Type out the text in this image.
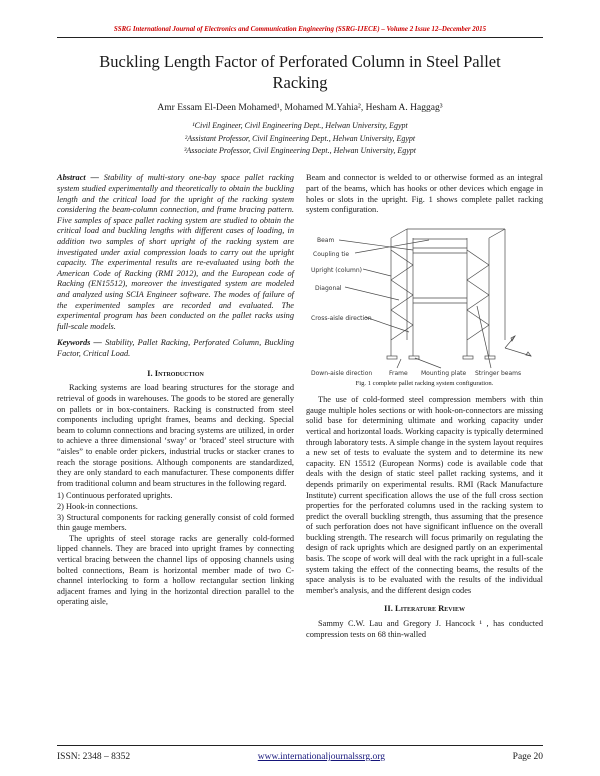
SSRG International Journal of Electronics and Communication Engineering (SSRG-IJECE) – Volume 2 Issue 12–December 2015
Buckling Length Factor of Perforated Column in Steel Pallet Racking
Amr Essam El-Deen Mohamed¹, Mohamed M.Yahia², Hesham A. Haggag³
¹Civil Engineer, Civil Engineering Dept., Helwan University, Egypt
²Assistant Professor, Civil Engineering Dept., Helwan University, Egypt
³Associate Professor, Civil Engineering Dept., Helwan University, Egypt

Abstract — Stability of multi-story one-bay space pallet racking system studied experimentally and theoretically to obtain the buckling length and the critical load for the upright of the racking system considering the beam-column connection, and frame bracing pattern. Five samples of space pallet racking system are studied to obtain the critical load and buckling lengths with different cases of loading, in addition two samples of short upright of the racking system are investigated under axial compression loads to carry out the upright capacity. The experimental results are re-evaluated using both the American Code of Racking (RMI 2012), and the European code of Racking (EN15512), moreover the investigated system are modeled and analyzed using SCIA Engineer software. The modes of failure of the experimented samples are recorded and evaluated. The experimental program has been conducted on the pallet racks using full-scale models.

Keywords — Stability, Pallet Racking, Perforated Column, Buckling Factor, Critical Load.

I. Introduction

Racking systems are load bearing structures for the storage and retrieval of goods in warehouses. The goods to be stored are generally on pallets or in box-containers. Racking is constructed from steel components including upright frames, beams and decking. Special beam to column connections and bracing systems are utilized, in order to achieve a three dimensional ‘sway’ or ‘braced’ steel structure with “aisles” to enable order pickers, industrial trucks or stacker cranes to reach the storage positions. Although components are standardized, they are only standard to each manufacturer. These components differ from traditional column and beam structures in the following regard.

1) Continuous perforated uprights.

2) Hook-in connections.

3) Structural components for racking generally consist of cold formed thin gauge members.

The uprights of steel storage racks are generally cold-formed lipped channels. They are braced into upright frames by connecting vertical bracing between the channel lips of opposing channels using bolted connections, Beam is horizontal member made of two C-channel interlocking to form a hollow rectangular section linking adjacent frames and lying in the horizontal direction parallel to the operating aisle,

Beam and connector is welded to or otherwise formed as an integral part of the beams, which has hooks or other devices which engage in holes or slots in the upright. Fig. 1 shows complete pallet racking system configuration.

Beam
Coupling tie
Upright (column)
Diagonal
Cross-aisle direction
Down-aisle direction	Frame Mounting plate Stringer beams
Fig. 1 complete pallet racking system configuration.

The use of cold-formed steel compression members with thin gauge multiple holes sections or with hook-on-connectors are missing solid base for determining ultimate and working capacity under vertical and horizontal loads. Working capacity is typically determined through laboratory tests. A simple change in the system layout requires a new set of tests to evaluate the system and to determine its new capacity. EN 15512 (European Norms) code is available code that deals with the design of static steel pallet racking systems, and it depends primarily on experimental results. RMI (Rack Manufacture Institute) current specification allows the use of the full cross section properties for the perforated columns used in the racking system to predict the overall buckling strength, thus assuming that the presence of such perforation does not have significant influence on the overall buckling strength. The research will focus primarily on regulating the design of rack uprights which are designed partly on an experimental basis. The scope of work will deal with the rack upright in a full-scale system taking the effect of the connecting beams, the results of the space analysis is to be evaluated with the results of the individual member's analysis, and the different design codes

II. Literature Review

Sammy C.W. Lau and Gregory J. Hancock ¹ , has conducted compression tests on 68 thin-walled

ISSN: 2348 – 8352	www.internationaljournalssrg.org	Page 20
